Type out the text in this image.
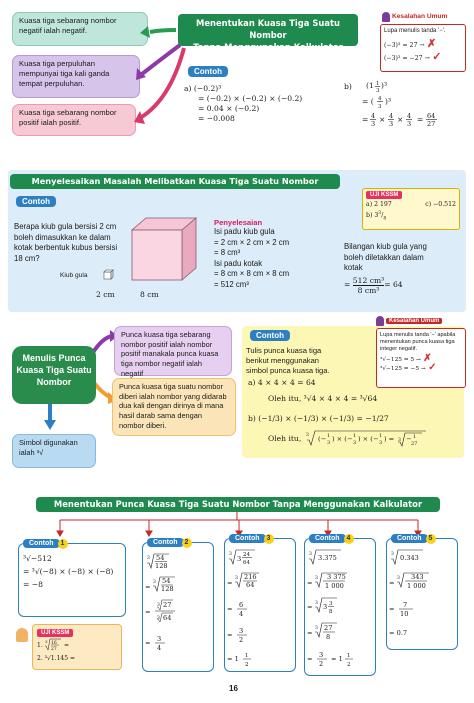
Kuasa tiga sebarang nombor negatif ialah negatif.
Kuasa tiga perpuluhan mempunyai tiga kali ganda tempat perpuluhan.
Kuasa tiga sebarang nombor positif ialah positif.
Menentukan Kuasa Tiga Suatu Nombor
Tanpa Menggunakan Kalkulator
Contoh
a) (−0.2)³
= (−0.2) × (−0.2) × (−0.2)
= 0.04 × (−0.2)
= −0.008
b) (1 1
3
)³
= ( 4
3
)³
= 4
3 × 4
3 × 4
3 = 64
27
Kesalahan Umum
Lupa menulis tanda '−'.
(−3)³ = 27 → ✗
(−3)³ = −27 → ✓
Menyelesaikan Masalah Melibatkan Kuasa Tiga Suatu Nombor
Contoh
Berapa kiub gula bersisi 2 cm boleh dimasukkan ke dalam kotak berbentuk kubus bersisi 18 cm?
Kiub gula
2 cm	8 cm
Penyelesaian
Isi padu kiub gula
= 2 cm × 2 cm × 2 cm
= 8 cm³
Isi padu kotak
= 8 cm × 8 cm × 8 cm
= 512 cm³
Bilangan kiub gula yang
boleh diletakkan dalam
kotak
= $\frac{\text{512 cm³}}{\text{8 cm³}} = 64$
UJI KSSM
a) 2 197	c) −0.512
b) $3^3/_8$
Menulis Punca Kuasa Tiga Suatu Nombor
Punca kuasa tiga sebarang nombor positif ialah nombor positif manakala punca kuasa tiga nombor negatif ialah negatif
Punca kuasa tiga suatu nombor diberi ialah nombor yang didarab dua kali dengan dirinya di mana hasil darab sama dengan nombor diberi.
Simbol digunakan ialah ³√
Contoh
Tulis punca kuasa tiga
berikut menggunakan
simbol punca kuasa tiga.
a) 4 × 4 × 4 = 64
Oleh itu, ³√4 × 4 × 4 = ³√64
b) (−1/3) × (−1/3) × (−1/3) = −1/27
Oleh itu, 3 (− 1
3 ) × (− 1
3 ) × (− 1
3 ) = 3 − 1
27
Kesalahan Umum
Lupa menulis tanda '−' apabila menentukan punca kuasa tiga integer negatif.
³√−125 = 5 → ✗
³√−125 = −5 → ✓
Menentukan Punca Kuasa Tiga Suatu Nombor Tanpa Menggunakan Kalkulator
Contoh 1
³√−512
= ³√(−8) × (−8) × (−8)
= −8
Contoh 2
3 54
128
=
3 54
128
=
3 27
3 64
= 3
4
Contoh 3
3
3 24
64
=
3 216
64
= 6
4
= 3
2
= 1 1
2
Contoh 4
3 3.375
=
3 3 375
1 000
= 3 3 3
8
=
3 27
8
= 3
2
= 1 1
2
Contoh 5
3 0.343
=
3 343
1 000
= 7
10
= 0.7
UJI KSSM
1.
3 16
27
=
2. ³√1.145 =
16
